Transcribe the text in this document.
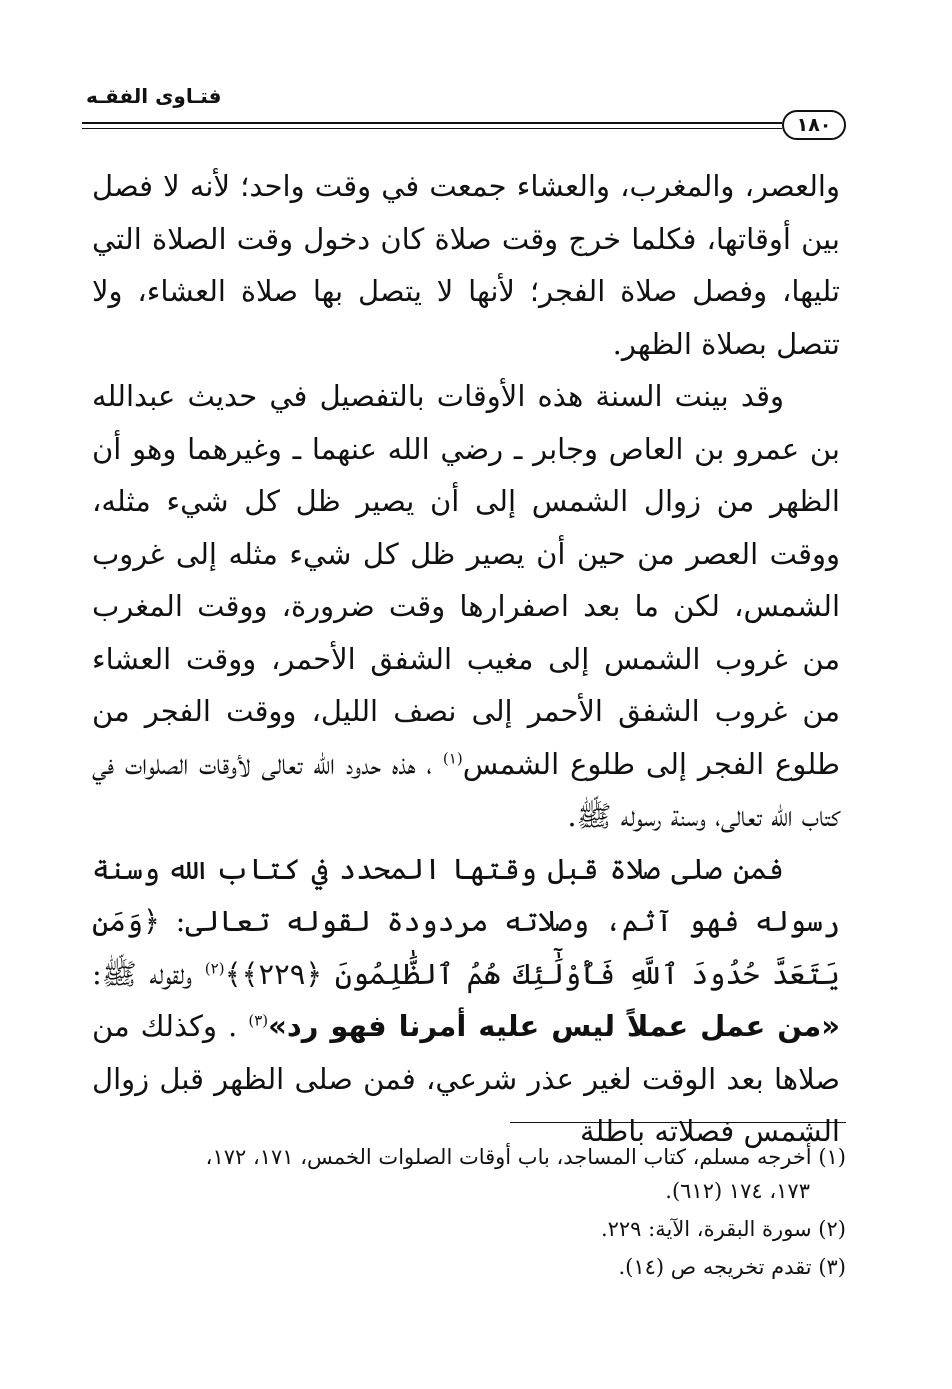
فتـاوى الفقـه
١٨٠

والعصر، والمغرب، والعشاء جمعت في وقت واحد؛ لأنه لا فصل بين أوقاتها، فكلما خرج وقت صلاة كان دخول وقت الصلاة التي تليها، وفصل صلاة الفجر؛ لأنها لا يتصل بها صلاة العشاء، ولا تتصل بصلاة الظهر.

وقد بينت السنة هذه الأوقات بالتفصيل في حديث عبدالله بن عمرو بن العاص وجابر ـ رضي الله عنهما ـ وغيرهما وهو أن الظهر من زوال الشمس إلى أن يصير ظل كل شيء مثله، ووقت العصر من حين أن يصير ظل كل شيء مثله إلى غروب الشمس، لكن ما بعد اصفرارها وقت ضرورة، ووقت المغرب من غروب الشمس إلى مغيب الشفق الأحمر، ووقت العشاء من غروب الشفق الأحمر إلى نصف الليل، ووقت الفجر من طلوع الفجر إلى طلوع الشمس$^{(١)}$ ، هذه حدود الله تعالى لأوقات الصلوات في كتاب الله تعالى، وسنة رسوله ﷺ.

فمن صلى صلاة قبل وقتها المحدد في كتاب الله وسنة رسوله فهو آثم، وصلاته مردودة لقوله تعالى: ﴿وَمَن يَتَعَدَّ حُدُودَ ٱللَّهِ فَأُوْلَٰٓئِكَ هُمُ ٱلظَّٰلِمُونَ ﴿٢٢٩﴾﴾$^{(٢)}$ ولقوله ﷺ: «من عمل عملاً ليس عليه أمرنا فهو رد»$^{(٣)}$ . وكذلك من صلاها بعد الوقت لغير عذر شرعي، فمن صلى الظهر قبل زوال الشمس فصلاته باطلة

(١) أخرجه مسلم، كتاب المساجد، باب أوقات الصلوات الخمس، ١٧١، ١٧٢،
١٧٣، ١٧٤ (٦١٢).

(٢) سورة البقرة، الآية: ٢٢٩.

(٣) تقدم تخريجه ص (١٤).
